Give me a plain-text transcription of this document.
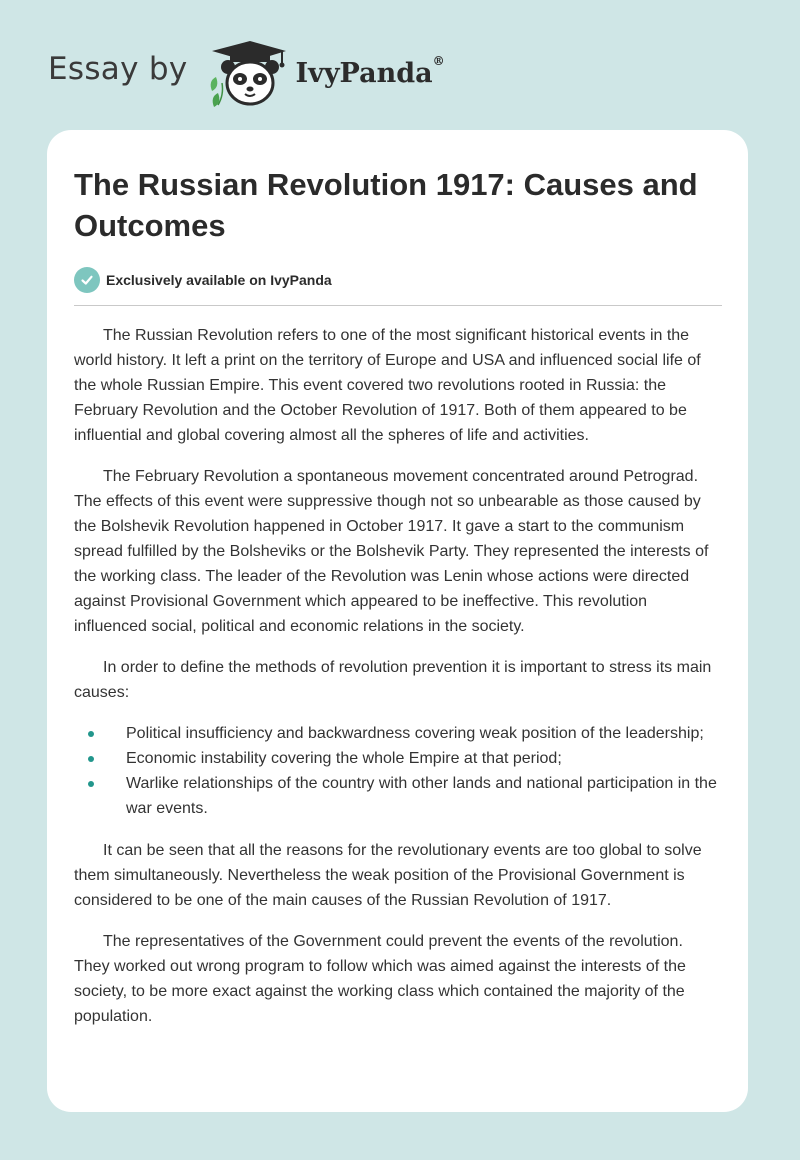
Essay by	IvyPanda®
The Russian Revolution 1917: Causes and Outcomes
Exclusively available on IvyPanda

The Russian Revolution refers to one of the most significant historical events in the world history. It left a print on the territory of Europe and USA and influenced social life of the whole Russian Empire. This event covered two revolutions rooted in Russia: the February Revolution and the October Revolution of 1917. Both of them appeared to be influential and global covering almost all the spheres of life and activities.

The February Revolution a spontaneous movement concentrated around Petrograd. The effects of this event were suppressive though not so unbearable as those caused by the Bolshevik Revolution happened in October 1917. It gave a start to the communism spread fulfilled by the Bolsheviks or the Bolshevik Party. They represented the interests of the working class. The leader of the Revolution was Lenin whose actions were directed against Provisional Government which appeared to be ineffective. This revolution influenced social, political and economic relations in the society.

In order to define the methods of revolution prevention it is important to stress its main causes:

Political insufficiency and backwardness covering weak position of the leadership;
Economic instability covering the whole Empire at that period;
Warlike relationships of the country with other lands and national participation in the war events.

It can be seen that all the reasons for the revolutionary events are too global to solve them simultaneously. Nevertheless the weak position of the Provisional Government is considered to be one of the main causes of the Russian Revolution of 1917.

The representatives of the Government could prevent the events of the revolution. They worked out wrong program to follow which was aimed against the interests of the society, to be more exact against the working class which contained the majority of the population.
